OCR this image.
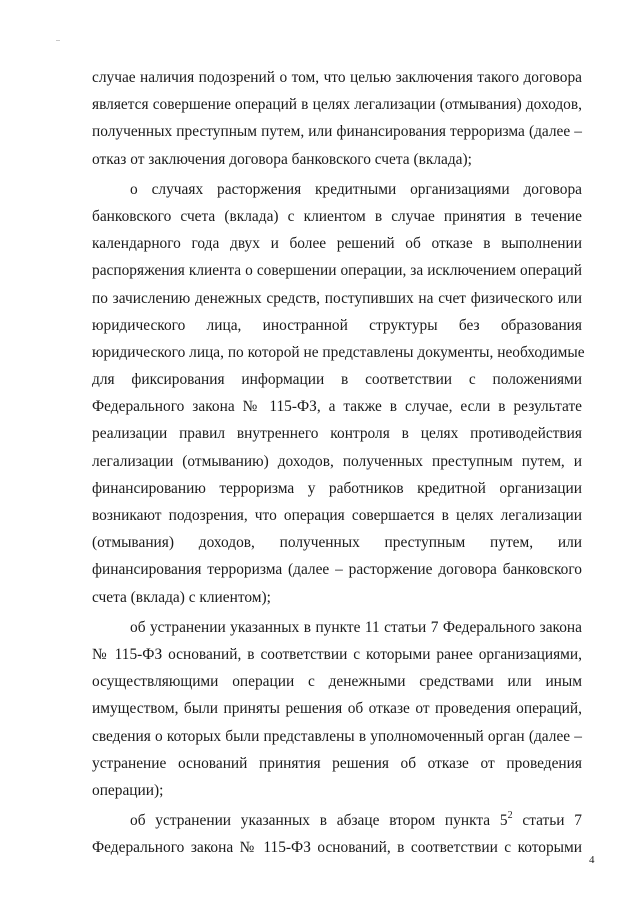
случае наличия подозрений о том, что целью заключения такого договора
является совершение операций в целях легализации (отмывания) доходов,
полученных преступным путем, или финансирования терроризма (далее –
отказ от заключения договора банковского счета (вклада);
о случаях расторжения кредитными организациями договора
банковского счета (вклада) с клиентом в случае принятия в течение
календарного года двух и более решений об отказе в выполнении
распоряжения клиента о совершении операции, за исключением операций
по зачислению денежных средств, поступивших на счет физического или
юридического лица, иностранной структуры без образования
юридического лица, по которой не представлены документы, необходимые
для фиксирования информации в соответствии с положениями
Федерального закона № 115-ФЗ, а также в случае, если в результате
реализации правил внутреннего контроля в целях противодействия
легализации (отмыванию) доходов, полученных преступным путем, и
финансированию терроризма у работников кредитной организации
возникают подозрения, что операция совершается в целях легализации
(отмывания) доходов, полученных преступным путем, или
финансирования терроризма (далее – расторжение договора банковского
счета (вклада) с клиентом);
об устранении указанных в пункте 11 статьи 7 Федерального закона
№ 115-ФЗ оснований, в соответствии с которыми ранее организациями,
осуществляющими операции с денежными средствами или иным
имуществом, были приняты решения об отказе от проведения операций,
сведения о которых были представлены в уполномоченный орган (далее –
устранение оснований принятия решения об отказе от проведения
операции);
об устранении указанных в абзаце втором пункта $5^2$ статьи 7
Федерального закона № 115-ФЗ оснований, в соответствии с которыми
4
